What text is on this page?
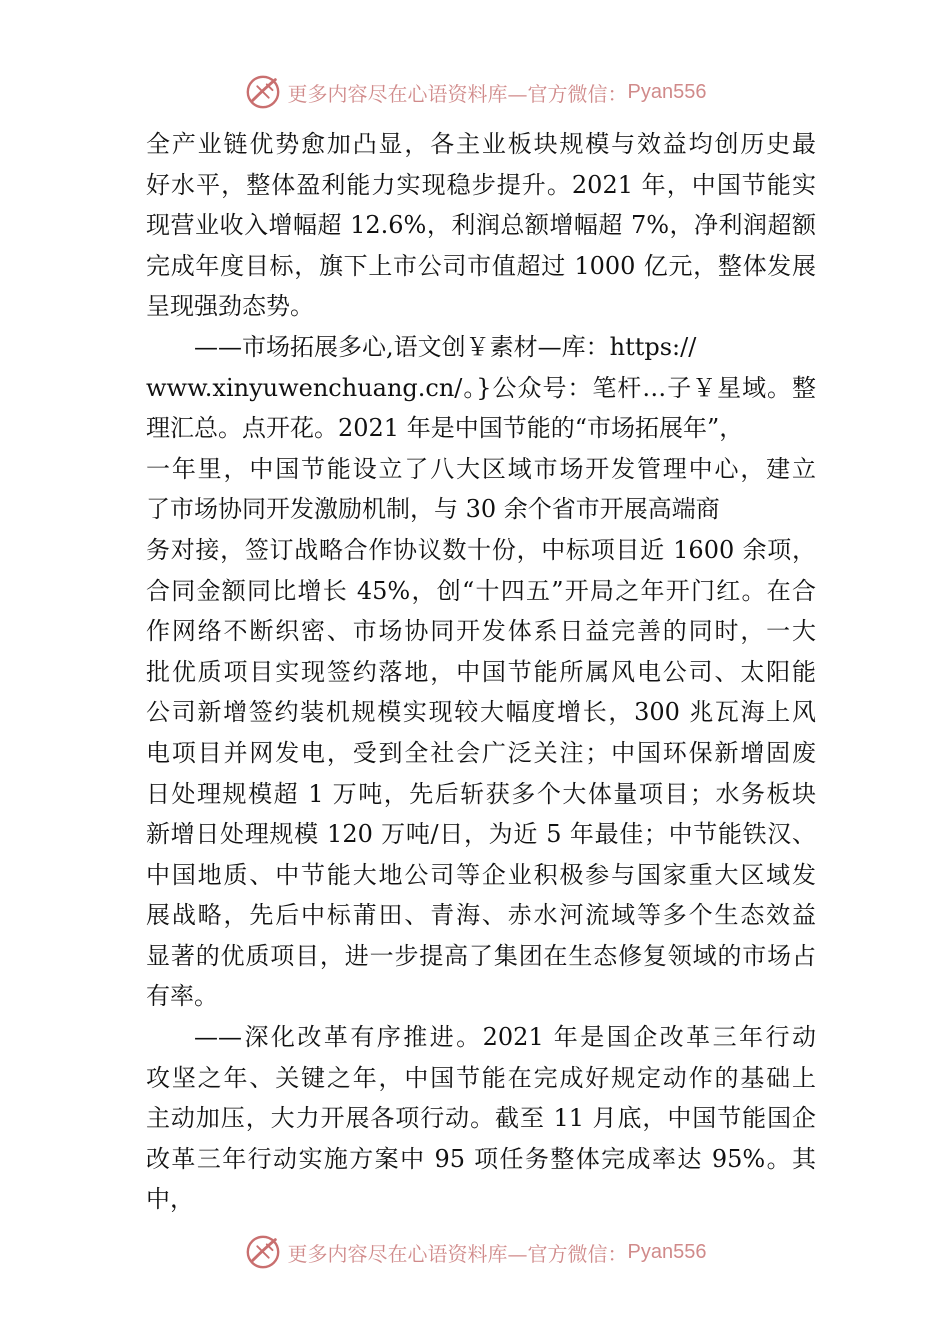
更多内容尽在心语资料库—官方微信： Pyan556
全产业链优势愈加凸显，各主业板块规模与效益均创历史最
好水平，整体盈利能力实现稳步提升。2021 年，中国节能实
现营业收入增幅超 12.6%，利润总额增幅超 7%，净利润超额
完成年度目标，旗下上市公司市值超过 1000 亿元，整体发展
呈现强劲态势。
——市场拓展多心,语文创￥素材—库：https://
www.xinyuwenchuang.cn/。}公众号：笔杆…子￥星域。整
理汇总。点开花。2021 年是中国节能的“市场拓展年”，
一年里，中国节能设立了八大区域市场开发管理中心，建立
了市场协同开发激励机制，与 30 余个省市开展高端商
务对接，签订战略合作协议数十份，中标项目近 1600 余项，
合同金额同比增长 45%，创“十四五”开局之年开门红。在合
作网络不断织密、市场协同开发体系日益完善的同时，一大
批优质项目实现签约落地，中国节能所属风电公司、太阳能
公司新增签约装机规模实现较大幅度增长，300 兆瓦海上风
电项目并网发电，受到全社会广泛关注；中国环保新增固废
日处理规模超 1 万吨，先后斩获多个大体量项目；水务板块
新增日处理规模 120 万吨/日，为近 5 年最佳；中节能铁汉、
中国地质、中节能大地公司等企业积极参与国家重大区域发
展战略，先后中标莆田、青海、赤水河流域等多个生态效益
显著的优质项目，进一步提高了集团在生态修复领域的市场占
有率。
——深化改革有序推进。2021 年是国企改革三年行动
攻坚之年、关键之年，中国节能在完成好规定动作的基础上
主动加压，大力开展各项行动。截至 11 月底，中国节能国企
改革三年行动实施方案中 95 项任务整体完成率达 95%。其
中，
更多内容尽在心语资料库—官方微信： Pyan556
